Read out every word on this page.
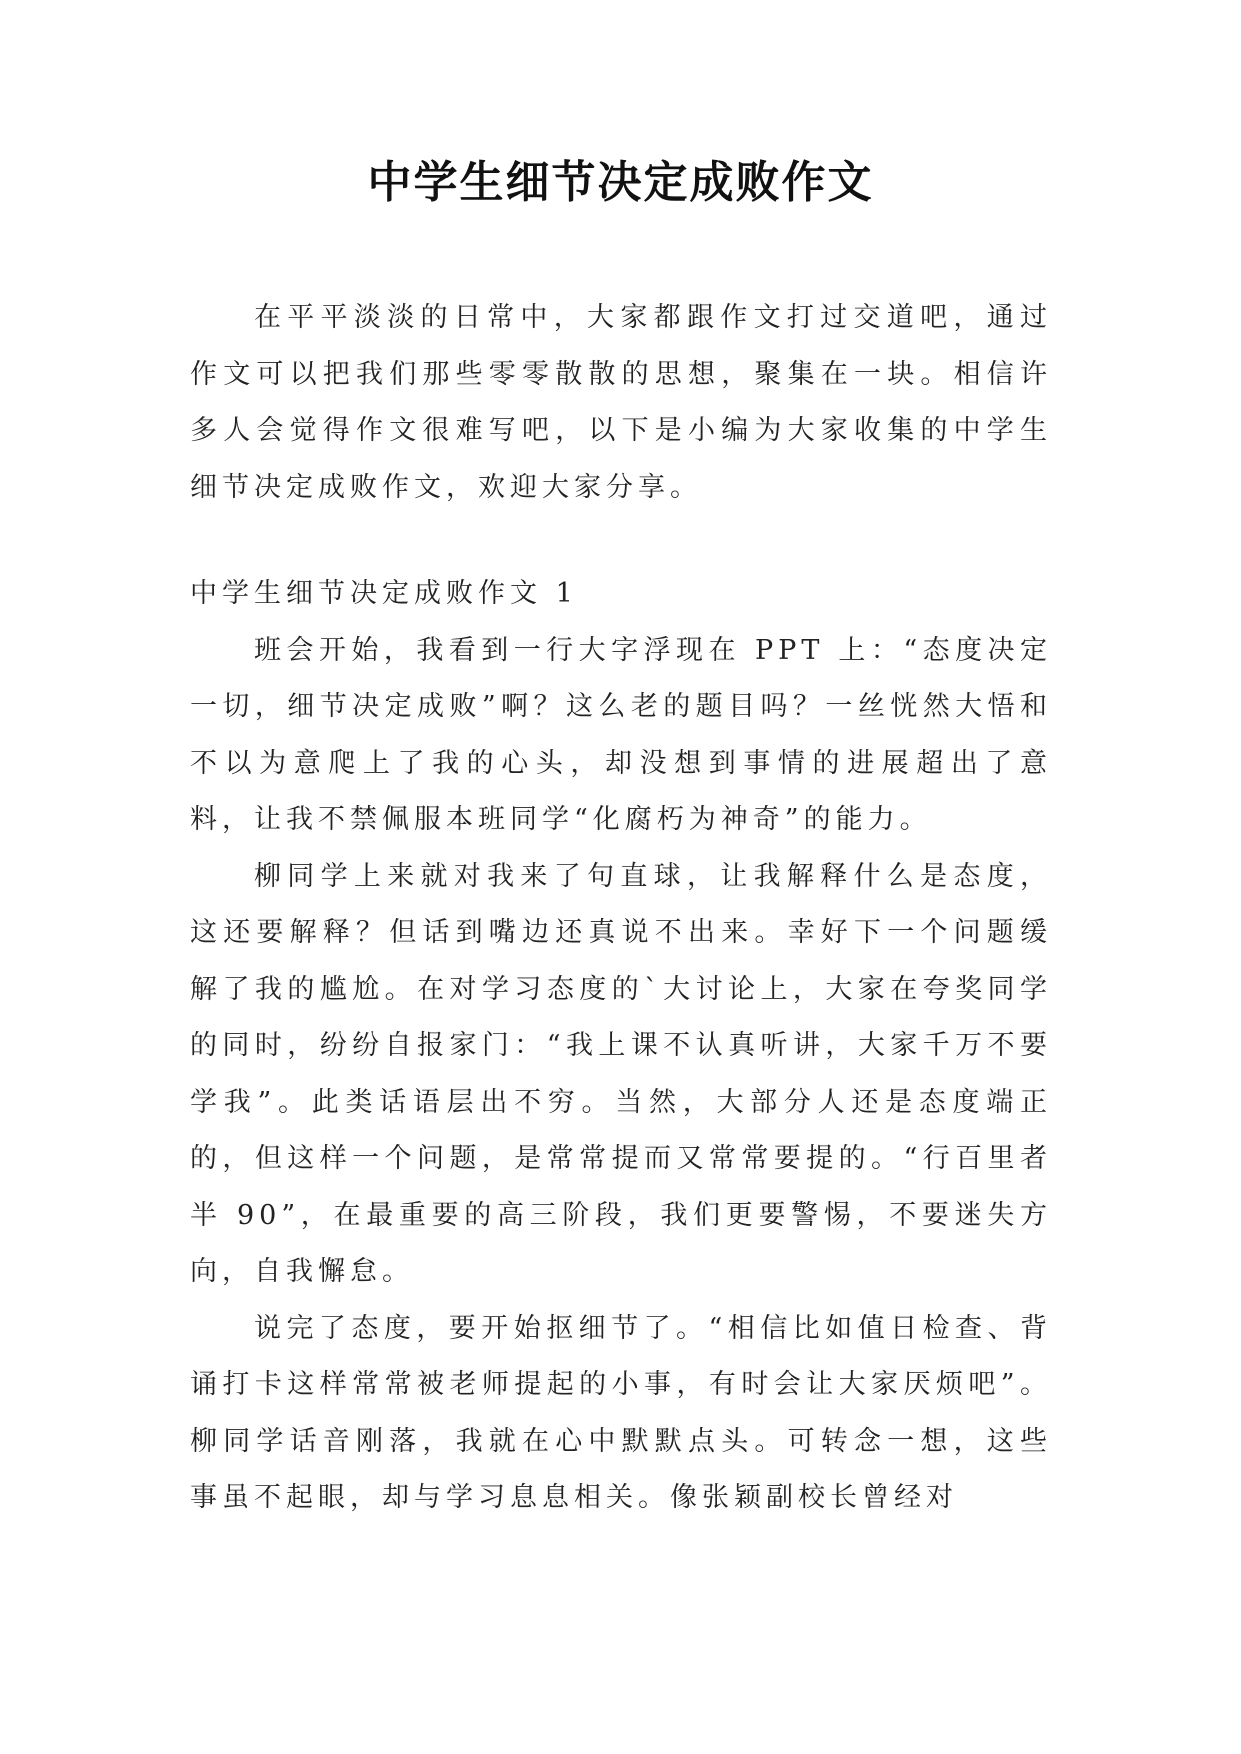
中学生细节决定成败作文

在平平淡淡的日常中，大家都跟作文打过交道吧，通过作文可以把我们那些零零散散的思想，聚集在一块。相信许多人会觉得作文很难写吧，以下是小编为大家收集的中学生细节决定成败作文，欢迎大家分享。

中学生细节决定成败作文 1

班会开始，我看到一行大字浮现在 PPT 上：“态度决定一切，细节决定成败”啊？这么老的题目吗？一丝恍然大悟和不以为意爬上了我的心头，却没想到事情的进展超出了意料，让我不禁佩服本班同学“化腐朽为神奇”的能力。

柳同学上来就对我来了句直球，让我解释什么是态度，这还要解释？但话到嘴边还真说不出来。幸好下一个问题缓解了我的尴尬。在对学习态度的`大讨论上，大家在夸奖同学的同时，纷纷自报家门：“我上课不认真听讲，大家千万不要学我”。此类话语层出不穷。当然，大部分人还是态度端正的，但这样一个问题，是常常提而又常常要提的。“行百里者半 90”，在最重要的高三阶段，我们更要警惕，不要迷失方向，自我懈怠。

说完了态度，要开始抠细节了。“相信比如值日检查、背诵打卡这样常常被老师提起的小事，有时会让大家厌烦吧”。柳同学话音刚落，我就在心中默默点头。可转念一想，这些事虽不起眼，却与学习息息相关。像张颖副校长曾经对
